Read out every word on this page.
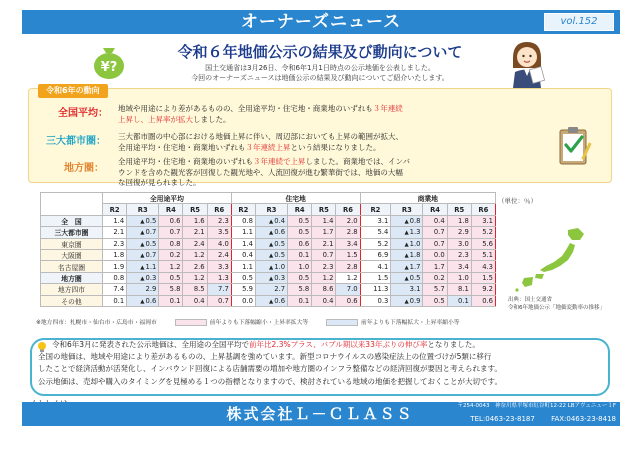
オーナーズニュース	vol.152
¥?
令和６年地価公示の結果及び動向について
国土交通省は3月26日、令和6年1月1日時点の公示地価を公表しました。
今回のオーナーズニュースは地価公示の結果及び動向についてご紹介いたします。
令和6年の動向
全国平均： 地域や用途により差があるものの、全用途平均・住宅地・商業地のいずれも３年連続
上昇し、上昇率が拡大しました。
三大都市圏： 三大都市圏の中心部における地価上昇に伴い、周辺部においても上昇の範囲が拡大、
全用途平均・住宅地・商業地いずれも３年連続上昇という結果になりました。
地方圏：
全用途平均・住宅地・商業地のいずれも３年連続で上昇しました。商業地では、インバ
ウンドを含めた観光客が回復した観光地や、人流回復が進む繁華街では、地価の大幅
な回復が見られました。
	全用途平均					住宅地					商業地				
	R2	R3	R4	R5	R6	R2	R3	R4	R5	R6	R2	R3	R4	R5	R6
全　国	1.4	▲0.5	0.6	1.6	2.3	0.8	▲0.4	0.5	1.4	2.0	3.1	▲0.8	0.4	1.8	3.1
三大都市圏	2.1	▲0.7	0.7	2.1	3.5	1.1	▲0.6	0.5	1.7	2.8	5.4	▲1.3	0.7	2.9	5.2
東京圏	2.3	▲0.5	0.8	2.4	4.0	1.4	▲0.5	0.6	2.1	3.4	5.2	▲1.0	0.7	3.0	5.6
大阪圏	1.8	▲0.7	0.2	1.2	2.4	0.4	▲0.5	0.1	0.7	1.5	6.9	▲1.8	0.0	2.3	5.1
名古屋圏	1.9	▲1.1	1.2	2.6	3.3	1.1	▲1.0	1.0	2.3	2.8	4.1	▲1.7	1.7	3.4	4.3
地方圏	0.8	▲0.3	0.5	1.2	1.3	0.5	▲0.3	0.5	1.2	1.2	1.5	▲0.5	0.2	1.0	1.5
地方四市	7.4	2.9	5.8	8.5	7.7	5.9	2.7	5.8	8.6	7.0	11.3	3.1	5.7	8.1	9.2
その他	0.1	▲0.6	0.1	0.4	0.7	0.0	▲0.6	0.1	0.4	0.6	0.3	▲0.9	0.5	0.1	0.6
（単位：％）
出典：国土交通省
令和6年地価公示「地価変動率の推移」
※地方四市：札幌市・仙台市・広島市・福岡市	前年よりも下落幅縮小・上昇率拡大等	前年よりも下落幅拡大・上昇率縮小等
令和6年3月に発表された公示地価は、全用途の全国平均で前年比2.3%プラス、バブル期以来33年ぶりの伸び率となりました。
全国の地価は、地域や用途により差があるものの、上昇基調を強めています。新型コロナウイルスの感染症法上の位置づけが5類に移行
したことで経済活動が活発化し、インバウンド回復による店舗需要の増加や地方圏のインフラ整備などの経済回復が要因と考えられます。
公示地価は、売却や購入のタイミングを見極める１つの指標となりますので、検討されている地域の地価を把握しておくことが大切です。
株式会社Ｌ－ＣＬＡＳＳ	〒254-0043　神奈川県平塚市紅谷町12-22 LBアヴェニュー１F
TEL:0463-23-8187 FAX:0463-23-8418
